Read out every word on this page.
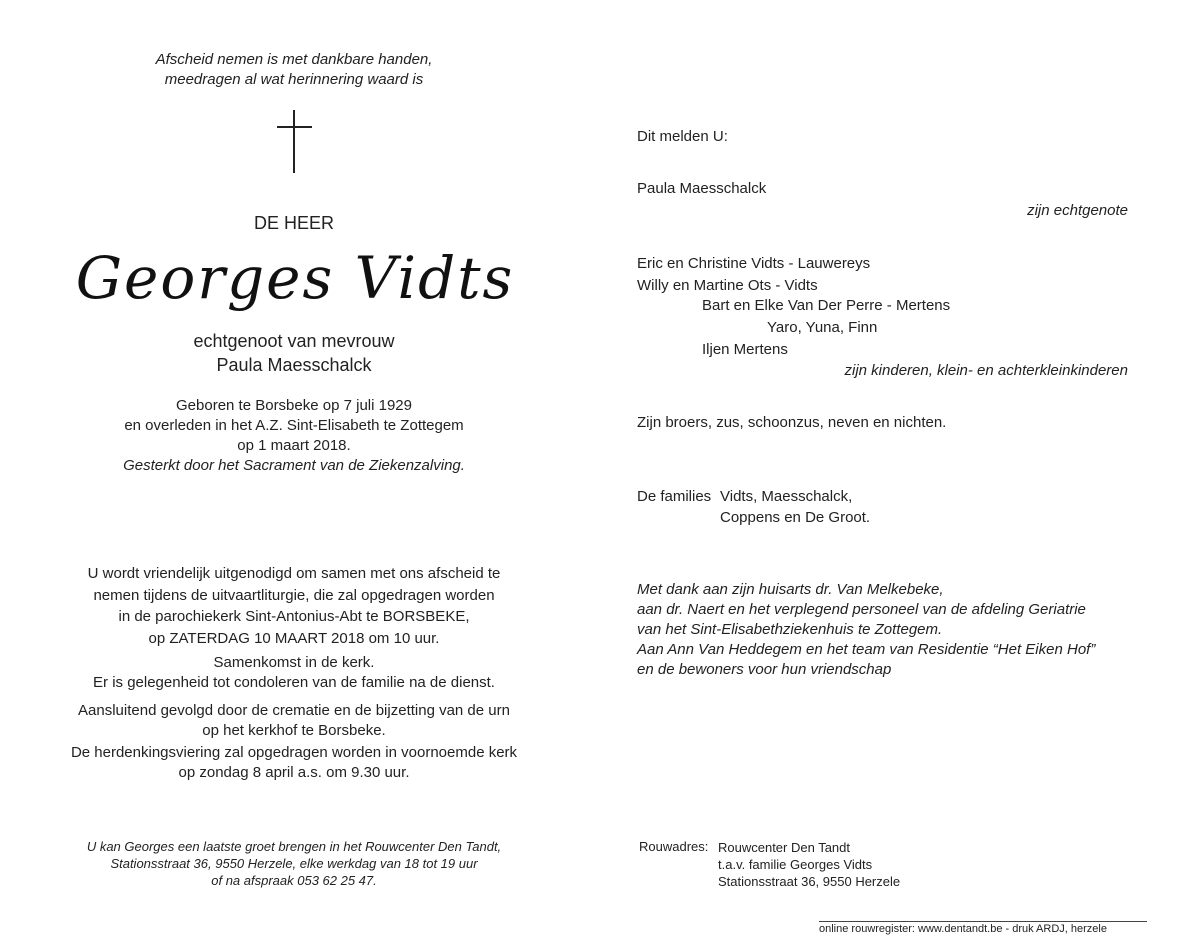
Afscheid nemen is met dankbare handen,
meedragen al wat herinnering waard is
DE HEER
Georges Vidts
echtgenoot van mevrouw
Paula Maesschalck
Geboren te Borsbeke op 7 juli 1929
en overleden in het A.Z. Sint-Elisabeth te Zottegem
op 1 maart 2018.
Gesterkt door het Sacrament van de Ziekenzalving.
U wordt vriendelijk uitgenodigd om samen met ons afscheid te
nemen tijdens de uitvaartliturgie, die zal opgedragen worden
in de parochiekerk Sint-Antonius-Abt te BORSBEKE,
op ZATERDAG 10 MAART 2018 om 10 uur.
Samenkomst in de kerk.
Er is gelegenheid tot condoleren van de familie na de dienst.
Aansluitend gevolgd door de crematie en de bijzetting van de urn
op het kerkhof te Borsbeke.
De herdenkingsviering zal opgedragen worden in voornoemde kerk
op zondag 8 april a.s. om 9.30 uur.
U kan Georges een laatste groet brengen in het Rouwcenter Den Tandt,
Stationsstraat 36, 9550 Herzele, elke werkdag van 18 tot 19 uur
of na afspraak 053 62 25 47.
Dit melden U:
Paula Maesschalck
zijn echtgenote
Eric en Christine Vidts - Lauwereys
Willy en Martine Ots - Vidts
Bart en Elke Van Der Perre - Mertens
Yaro, Yuna, Finn
Iljen Mertens
zijn kinderen, klein- en achterkleinkinderen
Zijn broers, zus, schoonzus, neven en nichten.
De families Vidts, Maesschalck,
Coppens en De Groot.
Met dank aan zijn huisarts dr. Van Melkebeke,
aan dr. Naert en het verplegend personeel van de afdeling Geriatrie
van het Sint-Elisabethziekenhuis te Zottegem.
Aan Ann Van Heddegem en het team van Residentie “Het Eiken Hof”
en de bewoners voor hun vriendschap
Rouwadres: Rouwcenter Den Tandt
t.a.v. familie Georges Vidts
Stationsstraat 36, 9550 Herzele
online rouwregister: www.dentandt.be - druk ARDJ, herzele
